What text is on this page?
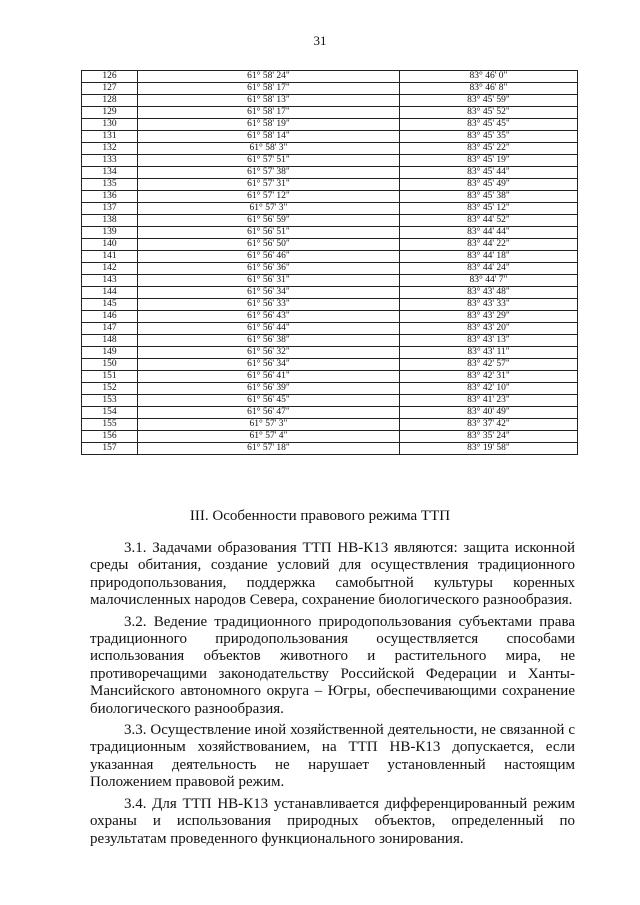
31
126	61° 58' 24"	83° 46' 0"
127	61° 58' 17"	83° 46' 8"
128	61° 58' 13"	83° 45' 59"
129	61° 58' 17"	83° 45' 52"
130	61° 58' 19"	83° 45' 45"
131	61° 58' 14"	83° 45' 35"
132	61° 58' 3"	83° 45' 22"
133	61° 57' 51"	83° 45' 19"
134	61° 57' 38"	83° 45' 44"
135	61° 57' 31"	83° 45' 49"
136	61° 57' 12"	83° 45' 38"
137	61° 57' 3"	83° 45' 12"
138	61° 56' 59"	83° 44' 52"
139	61° 56' 51"	83° 44' 44"
140	61° 56' 50"	83° 44' 22"
141	61° 56' 46"	83° 44' 18"
142	61° 56' 36"	83° 44' 24"
143	61° 56' 31"	83° 44' 7"
144	61° 56' 34"	83° 43' 48"
145	61° 56' 33"	83° 43' 33"
146	61° 56' 43"	83° 43' 29"
147	61° 56' 44"	83° 43' 20"
148	61° 56' 38"	83° 43' 13"
149	61° 56' 32"	83° 43' 11"
150	61° 56' 34"	83° 42' 57"
151	61° 56' 41"	83° 42' 31"
152	61° 56' 39"	83° 42' 10"
153	61° 56' 45"	83° 41' 23"
154	61° 56' 47"	83° 40' 49"
155	61° 57' 3"	83° 37' 42"
156	61° 57' 4"	83° 35' 24"
157	61° 57' 18"	83° 19' 58"
III. Особенности правового режима ТТП

3.1. Задачами образования ТТП НВ-К13 являются: защита исконной среды обитания, создание условий для осуществления традиционного природопользования, поддержка самобытной культуры коренных малочисленных народов Севера, сохранение биологического разнообразия.

3.2. Ведение традиционного природопользования субъектами права традиционного природопользования осуществляется способами использования объектов животного и растительного мира, не противоречащими законодательству Российской Федерации и Ханты-Мансийского автономного округа – Югры, обеспечивающими сохранение биологического разнообразия.

3.3. Осуществление иной хозяйственной деятельности, не связанной с традиционным хозяйствованием, на ТТП НВ-К13 допускается, если указанная деятельность не нарушает установленный настоящим Положением правовой режим.

3.4. Для ТТП НВ-К13 устанавливается дифференцированный режим охраны и использования природных объектов, определенный по результатам проведенного функционального зонирования.
